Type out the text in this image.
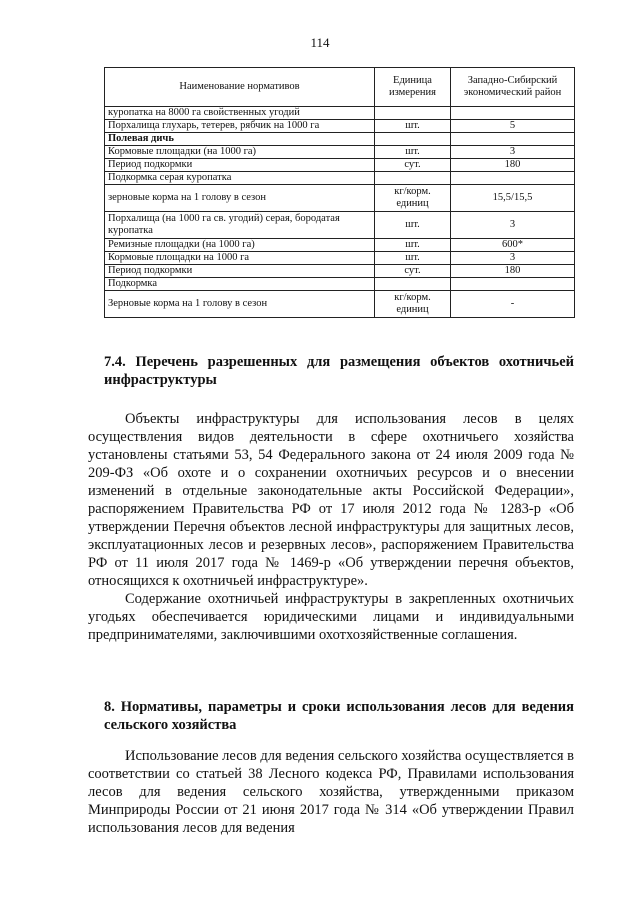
114
Наименование нормативов	Единица измерения	Западно-Сибирский экономический район
куропатка на 8000 га свойственных угодий		
Порхалища глухарь, тетерев, рябчик на 1000 га	шт.	5
Полевая дичь		
Кормовые площадки (на 1000 га)	шт.	3
Период подкормки	сут.	180
Подкормка серая куропатка		
зерновые корма на 1 голову в сезон	кг/корм. единиц	15,5/15,5
Порхалища (на 1000 га св. угодий) серая, бородатая куропатка	шт.	3
Ремизные площадки (на 1000 га)	шт.	600*
Кормовые площадки на 1000 га	шт.	3
Период подкормки	сут.	180
Подкормка		
Зерновые корма на 1 голову в сезон	кг/корм. единиц	-
7.4. Перечень разрешенных для размещения объектов охотничьей инфраструктуры

Объекты инфраструктуры для использования лесов в целях осуществления видов деятельности в сфере охотничьего хозяйства установлены статьями 53, 54 Федерального закона от 24 июля 2009 года № 209-ФЗ «Об охоте и о сохранении охотничьих ресурсов и о внесении изменений в отдельные законодательные акты Российской Федерации», распоряжением Правительства РФ от 17 июля 2012 года № 1283-р «Об утверждении Перечня объектов лесной инфраструктуры для защитных лесов, эксплуатационных лесов и резервных лесов», распоряжением Правительства РФ от 11 июля 2017 года № 1469-р «Об утверждении перечня объектов, относящихся к охотничьей инфраструктуре».

Содержание охотничьей инфраструктуры в закрепленных охотничьих угодьях обеспечивается юридическими лицами и индивидуальными предпринимателями, заключившими охотхозяйственные соглашения.

8. Нормативы, параметры и сроки использования лесов для ведения сельского хозяйства

Использование лесов для ведения сельского хозяйства осуществляется в соответствии со статьей 38 Лесного кодекса РФ, Правилами использования лесов для ведения сельского хозяйства, утвержденными приказом Минприроды России от 21 июня 2017 года № 314 «Об утверждении Правил использования лесов для ведения
